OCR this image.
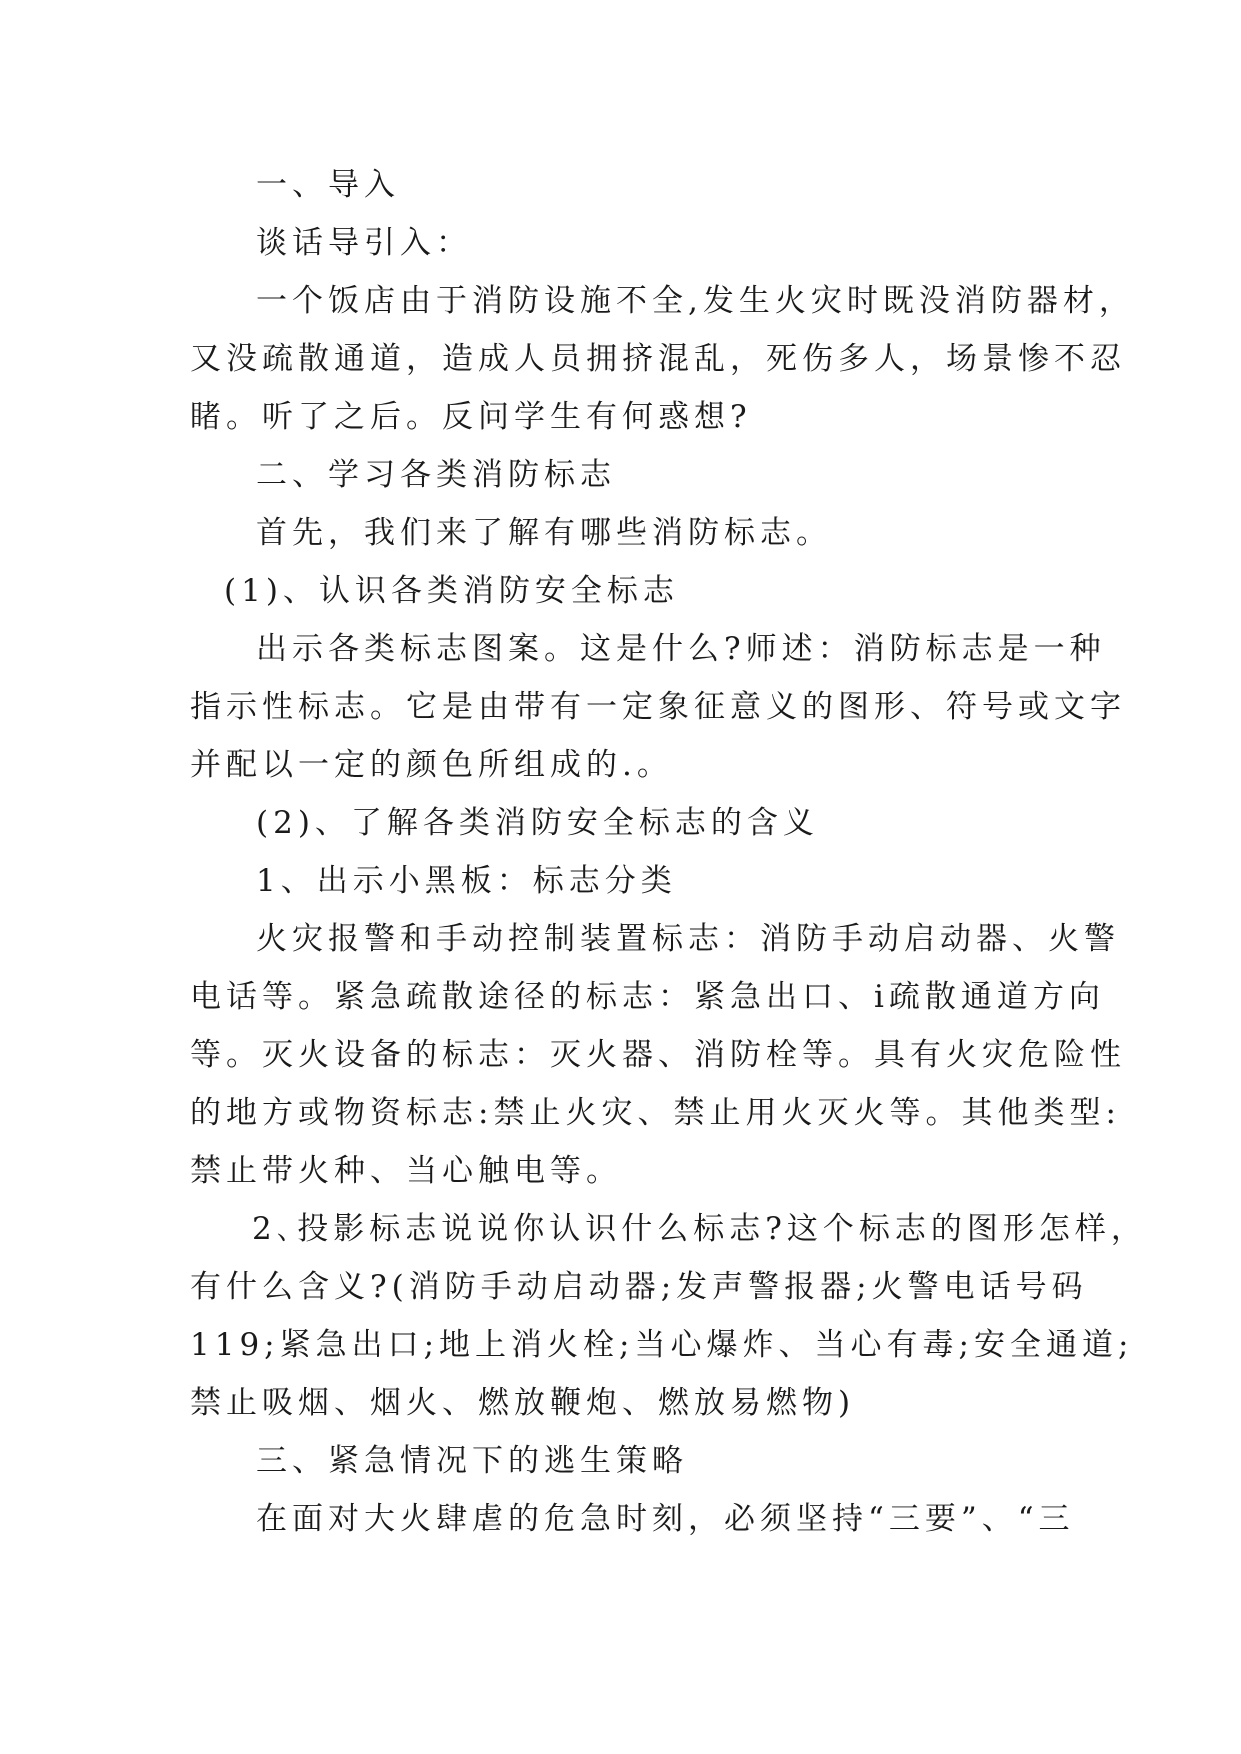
一、导入
谈话导引入：
一个饭店由于消防设施不全,发生火灾时既没消防器材，
又没疏散通道，造成人员拥挤混乱，死伤多人，场景惨不忍
睹。听了之后。反问学生有何惑想?
二、学习各类消防标志
首先，我们来了解有哪些消防标志。
(1)、认识各类消防安全标志
出示各类标志图案。这是什么?师述：消防标志是一种
指示性标志。它是由带有一定象征意义的图形、符号或文字
并配以一定的颜色所组成的.。
(2)、了解各类消防安全标志的含义
1、出示小黑板：标志分类
火灾报警和手动控制装置标志：消防手动启动器、火警
电话等。紧急疏散途径的标志：紧急出口、i疏散通道方向
等。灭火设备的标志：灭火器、消防栓等。具有火灾危险性
的地方或物资标志:禁止火灾、禁止用火灭火等。其他类型:
禁止带火种、当心触电等。
2､投影标志说说你认识什么标志?这个标志的图形怎样，
有什么含义?(消防手动启动器;发声警报器;火警电话号码
119;紧急出口;地上消火栓;当心爆炸、当心有毒;安全通道;
禁止吸烟、烟火、燃放鞭炮、燃放易燃物)
三、紧急情况下的逃生策略
在面对大火肆虐的危急时刻，必须坚持“三要”、“三
